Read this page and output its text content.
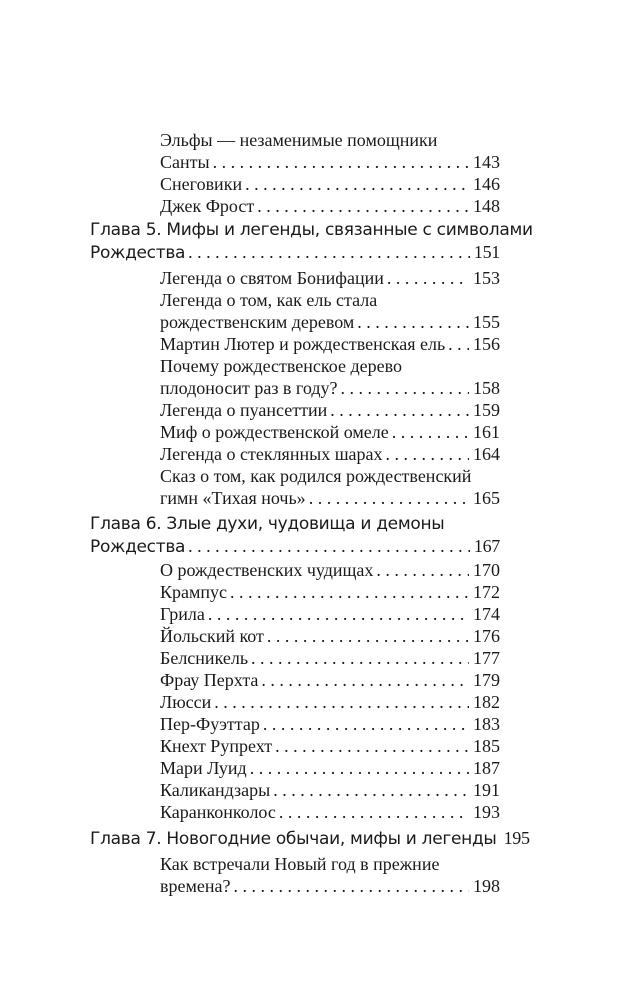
Эльфы — незаменимые помощники
Санты . . .	143
Снеговики . . .	146
Джек Фрост . . .	148
Глава 5. Мифы и легенды, связанные с символами
Рождества . . .	151
Легенда о святом Бонифации . . .	153
Легенда о том, как ель стала
рождественским деревом . . .	155
Мартин Лютер и рождественская ель . . . 156
Почему рождественское дерево
плодоносит раз в году? . . .	158
Легенда о пуансеттии . . .	159
Миф о рождественской омеле . . .	161
Легенда о стеклянных шарах . . .	164
Сказ о том, как родился рождественский
гимн «Тихая ночь» . . .	165
Глава 6. Злые духи, чудовища и демоны
Рождества . . .	167
О рождественских чудищах . . .	170
Крампус . . .	172
Грила . . .	174
Йольский кот . . .	176
Белсникель . . .	177
Фрау Перхта . . .	179
Люсси . . .	182
Пер-Фуэттар . . .	183
Кнехт Рупрехт . . .	185
Мари Луид . . .	187
Каликандзары . . .	191
Каранконколос . . .	193
Глава 7. Новогодние обычаи, мифы и легенды 195
Как встречали Новый год в прежние
времена? . . .	198
